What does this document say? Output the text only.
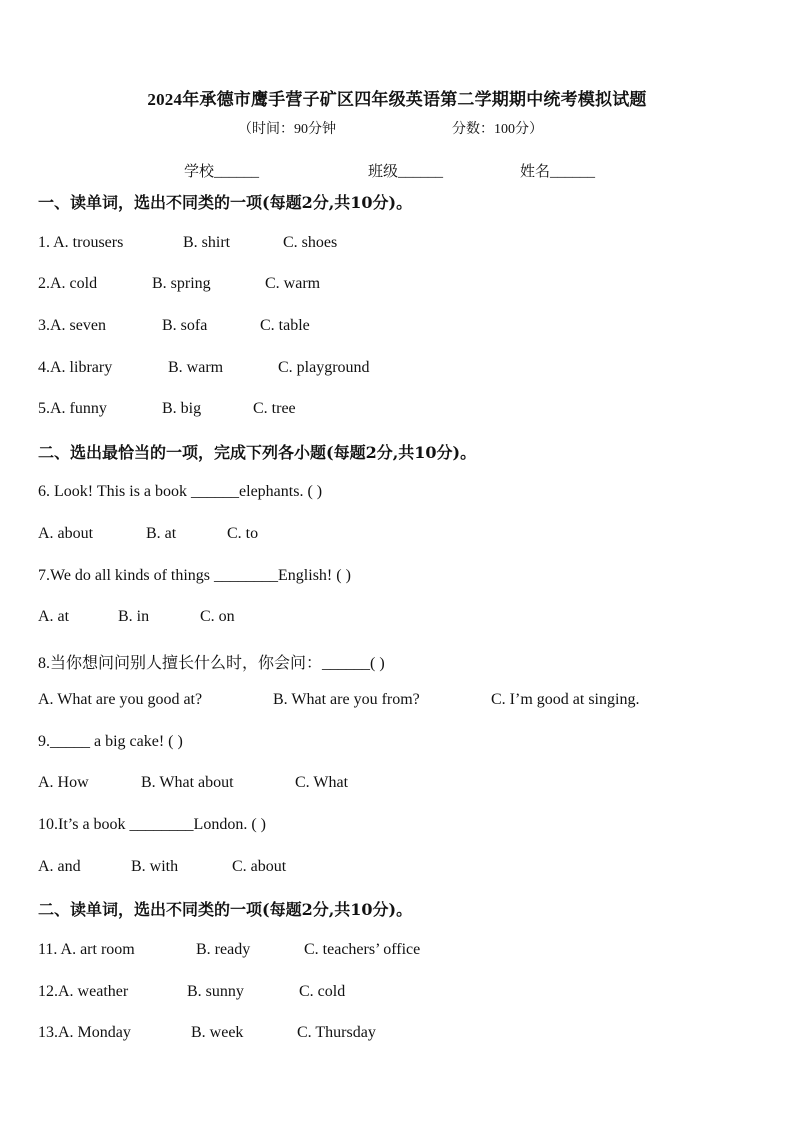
2024年承德市鹰手营子矿区四年级英语第二学期期中统考模拟试题
（时间：90分钟	分数：100分）
学校______	班级______	姓名______
一、读单词，选出不同类的一项(每题2分,共10分)。
1. A. trousers	B. shirt	C. shoes
2.A. cold	B. spring	C. warm
3.A. seven	B. sofa	C. table
4.A. library	B. warm	C. playground
5.A. funny	B. big	C. tree
二、选出最恰当的一项，完成下列各小题(每题2分,共10分)。
6. Look! This is a book ______elephants. ( )
A. about	B. at	C. to
7.We do all kinds of things ________English! ( )
A. at	B. in	C. on
8.当你想问问别人擅长什么时，你会问：______( )
A. What are you good at?	B. What are you from?	C. I’m good at singing.
9._____ a big cake! ( )
A. How	B. What about	C. What
10.It’s a book ________London. ( )
A. and	B. with	C. about
二、读单词，选出不同类的一项(每题2分,共10分)。
11. A. art room	B. ready	C. teachers’ office
12.A. weather	B. sunny	C. cold
13.A. Monday	B. week	C. Thursday
